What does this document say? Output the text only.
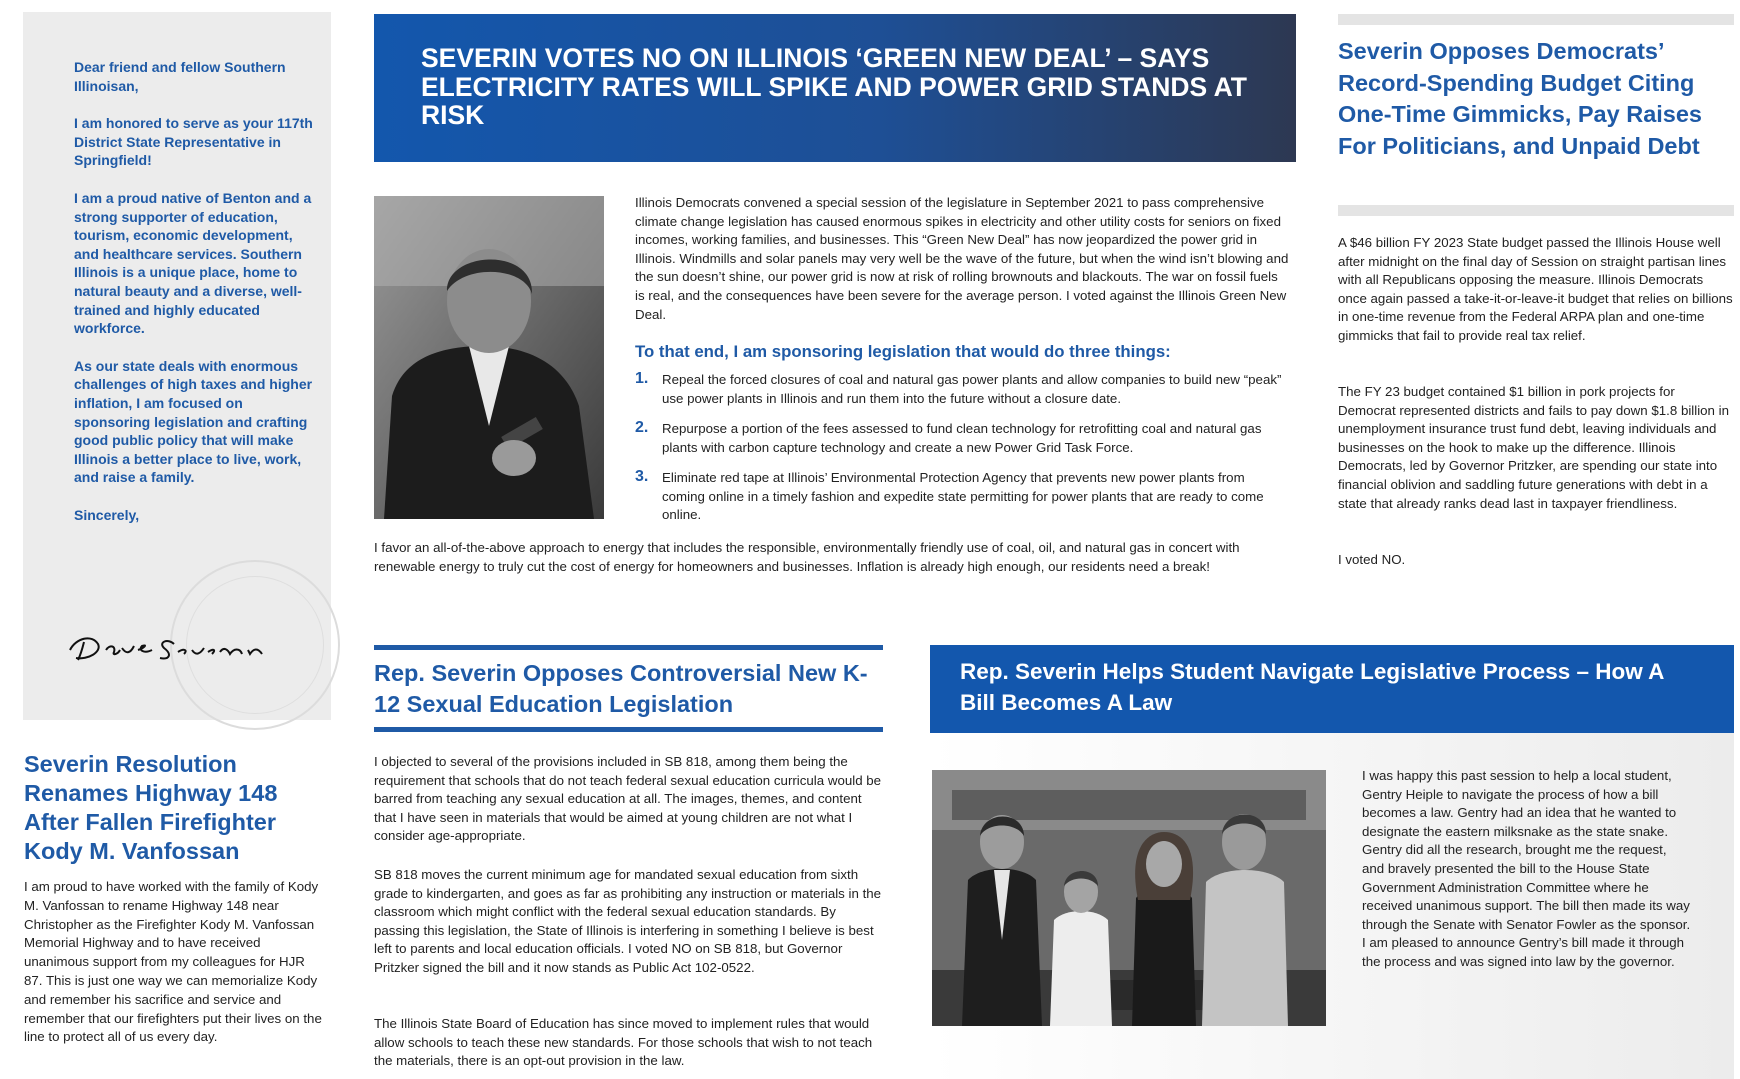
Dear friend and fellow Southern Illinoisan,

I am honored to serve as your 117th District State Representative in Springfield!

I am a proud native of Benton and a strong supporter of education, tourism, economic development, and healthcare services. Southern Illinois is a unique place, home to natural beauty and a diverse, well-trained and highly educated workforce.

As our state deals with enormous challenges of high taxes and higher inflation, I am focused on sponsoring legislation and crafting good public policy that will make Illinois a better place to live, work, and raise a family.

Sincerely,

Severin Resolution Renames Highway 148 After Fallen Firefighter Kody M. Vanfossan
I am proud to have worked with the family of Kody M. Vanfossan to rename Highway 148 near Christopher as the Firefighter Kody M. Vanfossan Memorial Highway and to have received unanimous support from my colleagues for HJR 87. This is just one way we can memorialize Kody and remember his sacrifice and service and remember that our firefighters put their lives on the line to protect all of us every day.
SEVERIN VOTES NO ON ILLINOIS ‘GREEN NEW DEAL’ – SAYS ELECTRICITY RATES WILL SPIKE AND POWER GRID STANDS AT RISK
Illinois Democrats convened a special session of the legislature in September 2021 to pass comprehensive climate change legislation has caused enormous spikes in electricity and other utility costs for seniors on fixed incomes, working families, and businesses. This “Green New Deal” has now jeopardized the power grid in Illinois. Windmills and solar panels may very well be the wave of the future, but when the wind isn’t blowing and the sun doesn’t shine, our power grid is now at risk of rolling brownouts and blackouts. The war on fossil fuels is real, and the consequences have been severe for the average person. I voted against the Illinois Green New Deal.
To that end, I am sponsoring legislation that would do three things:
1.	Repeal the forced closures of coal and natural gas power plants and allow companies to build new “peak” use power plants in Illinois and run them into the future without a closure date.
2.	Repurpose a portion of the fees assessed to fund clean technology for retrofitting coal and natural gas plants with carbon capture technology and create a new Power Grid Task Force.
3.	Eliminate red tape at Illinois’ Environmental Protection Agency that prevents new power plants from coming online in a timely fashion and expedite state permitting for power plants that are ready to come online.
I favor an all-of-the-above approach to energy that includes the responsible, environmentally friendly use of coal, oil, and natural gas in concert with renewable energy to truly cut the cost of energy for homeowners and businesses. Inflation is already high enough, our residents need a break!
Severin Opposes Democrats’ Record-Spending Budget Citing One-Time Gimmicks, Pay Raises For Politicians, and Unpaid Debt
A $46 billion FY 2023 State budget passed the Illinois House well after midnight on the final day of Session on straight partisan lines with all Republicans opposing the measure. Illinois Democrats once again passed a take-it-or-leave-it budget that relies on billions in one-time revenue from the Federal ARPA plan and one-time gimmicks that fail to provide real tax relief.
The FY 23 budget contained $1 billion in pork projects for Democrat represented districts and fails to pay down $1.8 billion in unemployment insurance trust fund debt, leaving individuals and businesses on the hook to make up the difference. Illinois Democrats, led by Governor Pritzker, are spending our state into financial oblivion and saddling future generations with debt in a state that already ranks dead last in taxpayer friendliness.
I voted NO.
Rep. Severin Opposes Controversial New K-12 Sexual Education Legislation
I objected to several of the provisions included in SB 818, among them being the requirement that schools that do not teach federal sexual education curricula would be barred from teaching any sexual education at all. The images, themes, and content that I have seen in materials that would be aimed at young children are not what I consider age-appropriate.
SB 818 moves the current minimum age for mandated sexual education from sixth grade to kindergarten, and goes as far as prohibiting any instruction or materials in the classroom which might conflict with the federal sexual education standards. By passing this legislation, the State of Illinois is interfering in something I believe is best left to parents and local education officials. I voted NO on SB 818, but Governor Pritzker signed the bill and it now stands as Public Act 102-0522.
The Illinois State Board of Education has since moved to implement rules that would allow schools to teach these new standards. For those schools that wish to not teach the materials, there is an opt-out provision in the law.
Rep. Severin Helps Student Navigate Legislative Process – How A Bill Becomes A Law
I was happy this past session to help a local student, Gentry Heiple to navigate the process of how a bill becomes a law. Gentry had an idea that he wanted to designate the eastern milksnake as the state snake. Gentry did all the research, brought me the request, and bravely presented the bill to the House State Government Administration Committee where he received unanimous support. The bill then made its way through the Senate with Senator Fowler as the sponsor. I am pleased to announce Gentry’s bill made it through the process and was signed into law by the governor.
